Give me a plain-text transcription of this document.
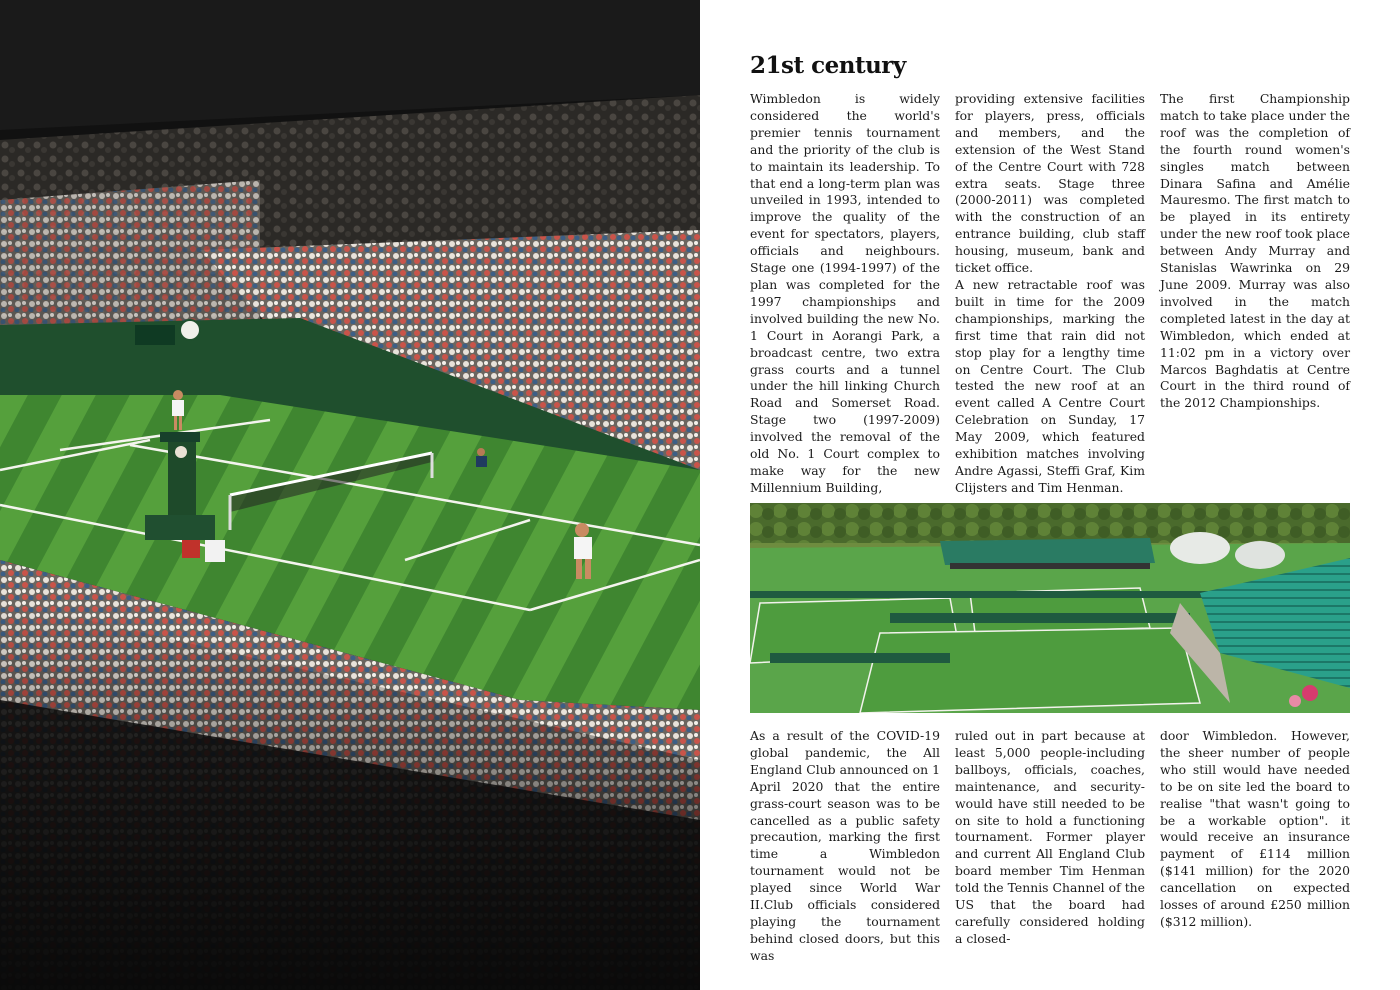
21st century

Wimbledon is widely considered the world's premier tennis tournament and the priority of the club is to maintain its leadership. To that end a long-term plan was unveiled in 1993, intended to improve the quality of the event for spectators, players, officials and neighbours. Stage one (1994-1997) of the plan was completed for the 1997 championships and involved building the new No. 1 Court in Aorangi Park, a broadcast centre, two extra grass courts and a tunnel under the hill linking Church Road and Somerset Road. Stage two (1997-2009) involved the removal of the old No. 1 Court complex to make way for the new Millennium Building,

providing extensive facilities for players, press, officials and members, and the extension of the West Stand of the Centre Court with 728 extra seats. Stage three (2000-2011) was completed with the construction of an entrance building, club staff housing, museum, bank and ticket office.

A new retractable roof was built in time for the 2009 championships, marking the first time that rain did not stop play for a lengthy time on Centre Court. The Club tested the new roof at an event called A Centre Court Celebration on Sunday, 17 May 2009, which featured exhibition matches involving Andre Agassi, Steffi Graf, Kim Clijsters and Tim Henman.

The first Championship match to take place under the roof was the completion of the fourth round women's singles match between Dinara Safina and Amélie Mauresmo. The first match to be played in its entirety under the new roof took place between Andy Murray and Stanislas Wawrinka on 29 June 2009. Murray was also involved in the match completed latest in the day at Wimbledon, which ended at 11:02 pm in a victory over Marcos Baghdatis at Centre Court in the third round of the 2012 Championships.

As a result of the COVID-19 global pandemic, the All England Club announced on 1 April 2020 that the entire grass-court season was to be cancelled as a public safety precaution, marking the first time a Wimbledon tournament would not be played since World War II.Club officials considered playing the tournament behind closed doors, but this was

ruled out in part because at least 5,000 people-including ballboys, officials, coaches, maintenance, and security-would have still needed to be on site to hold a functioning tournament. Former player and current All England Club board member Tim Henman told the Tennis Channel of the US that the board had carefully considered holding a closed-

door Wimbledon. However, the sheer number of people who still would have needed to be on site led the board to realise "that wasn't going to be a workable option". it would receive an insurance payment of £114 million ($141 million) for the 2020 cancellation on expected losses of around £250 million ($312 million).
